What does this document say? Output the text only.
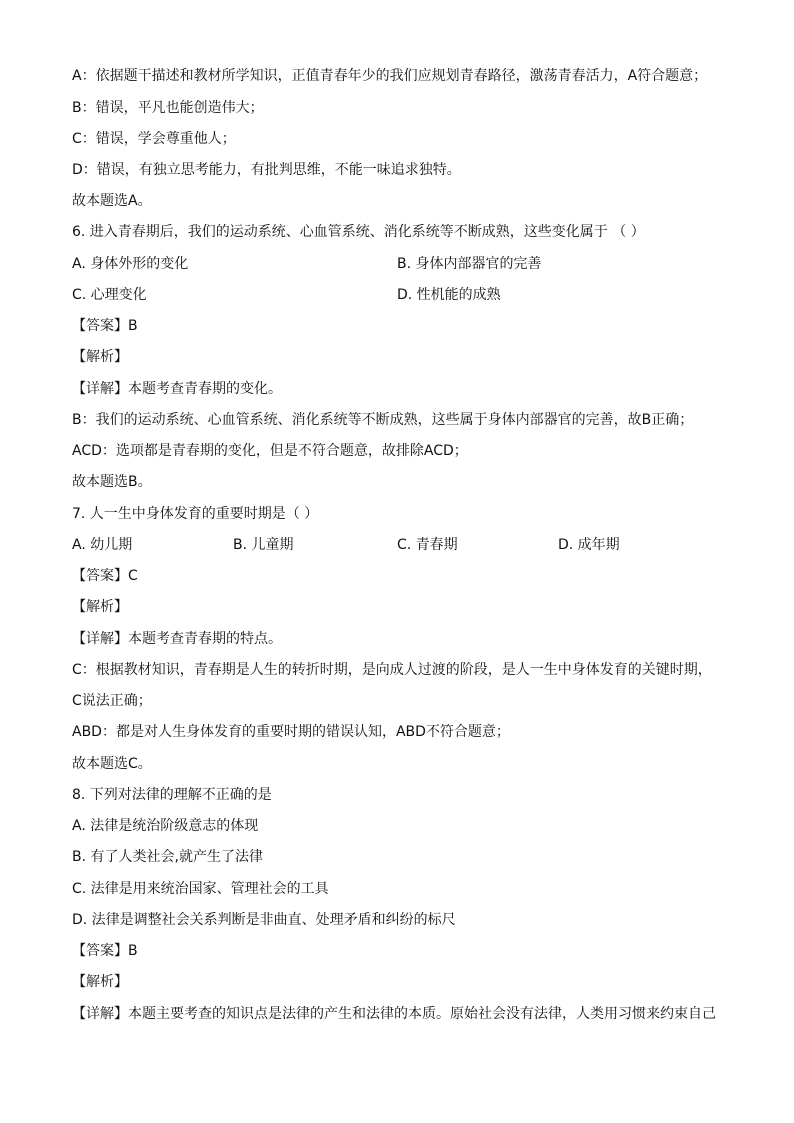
A：依据题干描述和教材所学知识，正值青春年少的我们应规划青春路径，激荡青春活力，A符合题意；
B：错误，平凡也能创造伟大；
C：错误，学会尊重他人；
D：错误，有独立思考能力，有批判思维，不能一味追求独特。
故本题选A。
6. 进入青春期后，我们的运动系统、心血管系统、消化系统等不断成熟，这些变化属于 （ ）
A. 身体外形的变化	B. 身体内部器官的完善
C. 心理变化	D. 性机能的成熟
【答案】B
【解析】
【详解】本题考查青春期的变化。
B：我们的运动系统、心血管系统、消化系统等不断成熟，这些属于身体内部器官的完善，故B正确；
ACD：选项都是青春期的变化，但是不符合题意，故排除ACD；
故本题选B。
7. 人一生中身体发育的重要时期是（ ）
A. 幼儿期	B. 儿童期	C. 青春期	D. 成年期
【答案】C
【解析】
【详解】本题考查青春期的特点。
C：根据教材知识，青春期是人生的转折时期，是向成人过渡的阶段，是人一生中身体发育的关键时期，
C说法正确；
ABD：都是对人生身体发育的重要时期的错误认知，ABD不符合题意；
故本题选C。
8. 下列对法律的理解不正确的是
A. 法律是统治阶级意志的体现
B. 有了人类社会,就产生了法律
C. 法律是用来统治国家、管理社会的工具
D. 法律是调整社会关系判断是非曲直、处理矛盾和纠纷的标尺
【答案】B
【解析】
【详解】本题主要考查的知识点是法律的产生和法律的本质。原始社会没有法律，人类用习惯来约束自己
